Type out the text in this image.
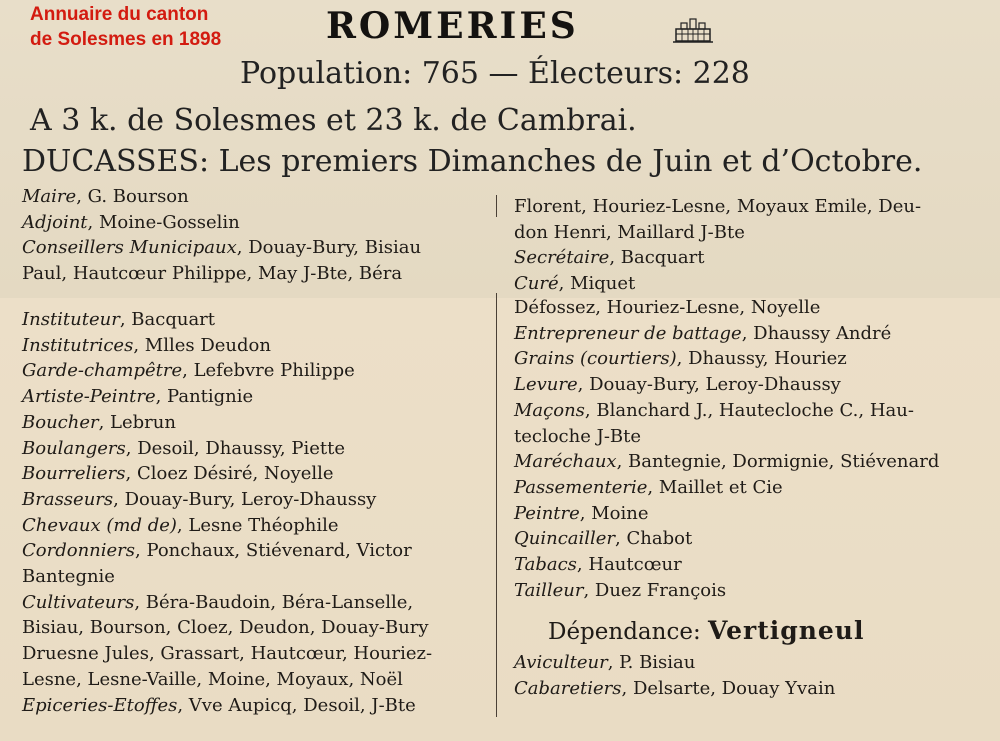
Annuaire du canton
de Solesmes en 1898	ROMERIES
Population: 765 — Électeurs: 228
A 3 k. de Solesmes et 23 k. de Cambrai.
DUCASSES: Les premiers Dimanches de Juin et d’Octobre.
Maire, G. Bourson
Adjoint, Moine-Gosselin
Conseillers Municipaux, Douay-Bury, Bisiau
Paul, Hautcœur Philippe, May J-Bte, Béra
Instituteur, Bacquart
Institutrices, Mlles Deudon
Garde-champêtre, Lefebvre Philippe
Artiste-Peintre, Pantignie
Boucher, Lebrun
Boulangers, Desoil, Dhaussy, Piette
Bourreliers, Cloez Désiré, Noyelle
Brasseurs, Douay-Bury, Leroy-Dhaussy
Chevaux (md de), Lesne Théophile
Cordonniers, Ponchaux, Stiévenard, Victor
Bantegnie
Cultivateurs, Béra-Baudoin, Béra-Lanselle,
Bisiau, Bourson, Cloez, Deudon, Douay-Bury
Druesne Jules, Grassart, Hautcœur, Houriez-
Lesne, Lesne-Vaille, Moine, Moyaux, Noël
Epiceries-Etoffes, Vve Aupicq, Desoil, J-Bte
Florent, Houriez-Lesne, Moyaux Emile, Deu-
don Henri, Maillard J-Bte
Secrétaire, Bacquart
Curé, Miquet
Défossez, Houriez-Lesne, Noyelle
Entrepreneur de battage, Dhaussy André
Grains (courtiers), Dhaussy, Houriez
Levure, Douay-Bury, Leroy-Dhaussy
Maçons, Blanchard J., Hautecloche C., Hau-
tecloche J-Bte
Maréchaux, Bantegnie, Dormignie, Stiévenard
Passementerie, Maillet et Cie
Peintre, Moine
Quincailler, Chabot
Tabacs, Hautcœur
Tailleur, Duez François
Dépendance: Vertigneul
Aviculteur, P. Bisiau
Cabaretiers, Delsarte, Douay Yvain
